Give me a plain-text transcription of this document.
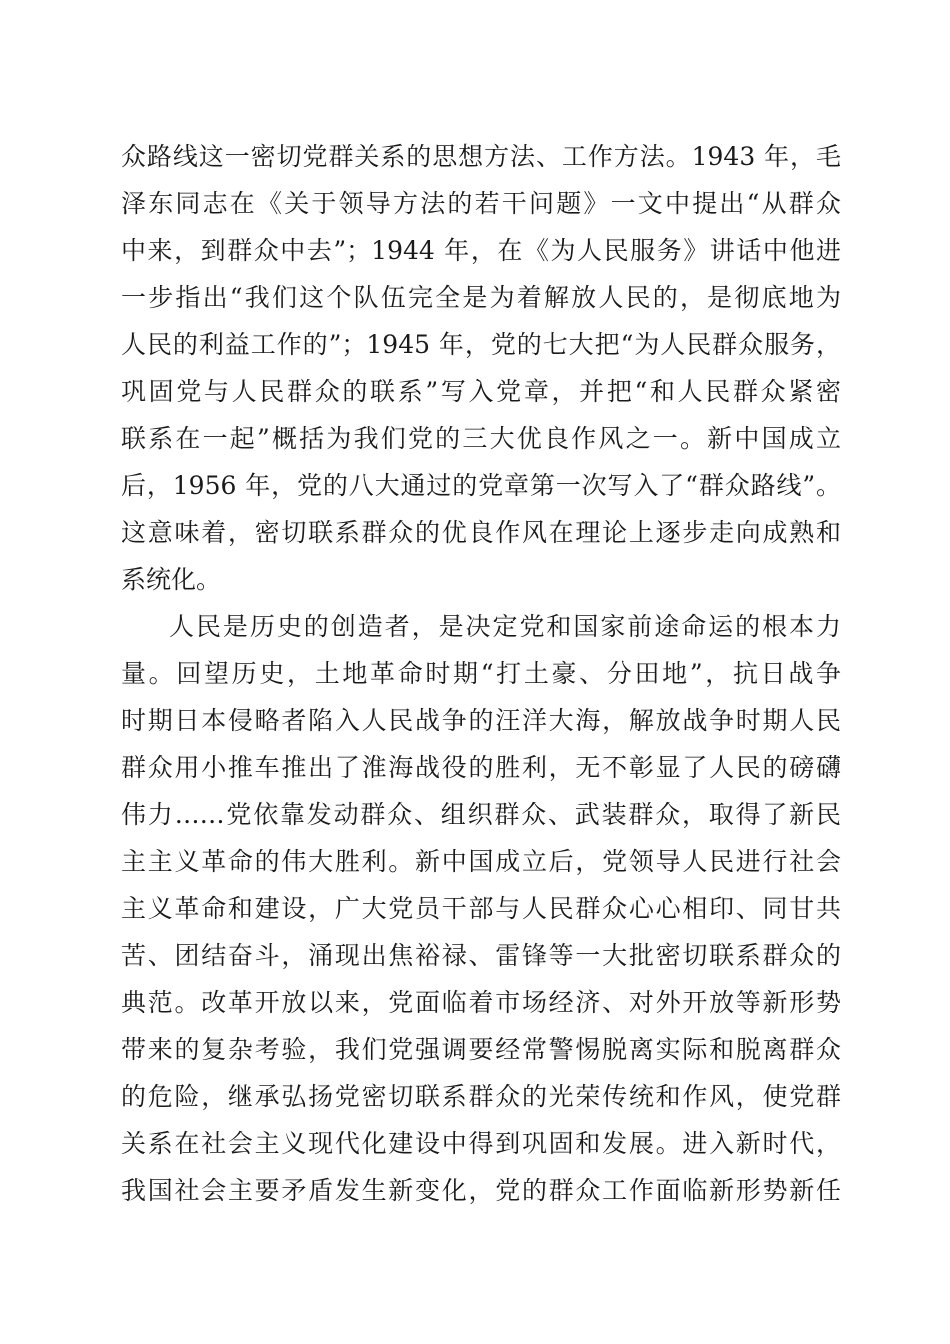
众路线这一密切党群关系的思想方法、工作方法。1943 年，毛
泽东同志在《关于领导方法的若干问题》一文中提出“从群众
中来，到群众中去”；1944 年，在《为人民服务》讲话中他进
一步指出“我们这个队伍完全是为着解放人民的，是彻底地为
人民的利益工作的”；1945 年，党的七大把“为人民群众服务，
巩固党与人民群众的联系”写入党章，并把“和人民群众紧密
联系在一起”概括为我们党的三大优良作风之一。新中国成立
后，1956 年，党的八大通过的党章第一次写入了“群众路线”。
这意味着，密切联系群众的优良作风在理论上逐步走向成熟和
系统化。
人民是历史的创造者，是决定党和国家前途命运的根本力
量。回望历史，土地革命时期“打土豪、分田地”，抗日战争
时期日本侵略者陷入人民战争的汪洋大海，解放战争时期人民
群众用小推车推出了淮海战役的胜利，无不彰显了人民的磅礴
伟力……党依靠发动群众、组织群众、武装群众，取得了新民
主主义革命的伟大胜利。新中国成立后，党领导人民进行社会
主义革命和建设，广大党员干部与人民群众心心相印、同甘共
苦、团结奋斗，涌现出焦裕禄、雷锋等一大批密切联系群众的
典范。改革开放以来，党面临着市场经济、对外开放等新形势
带来的复杂考验，我们党强调要经常警惕脱离实际和脱离群众
的危险，继承弘扬党密切联系群众的光荣传统和作风，使党群
关系在社会主义现代化建设中得到巩固和发展。进入新时代，
我国社会主要矛盾发生新变化，党的群众工作面临新形势新任
